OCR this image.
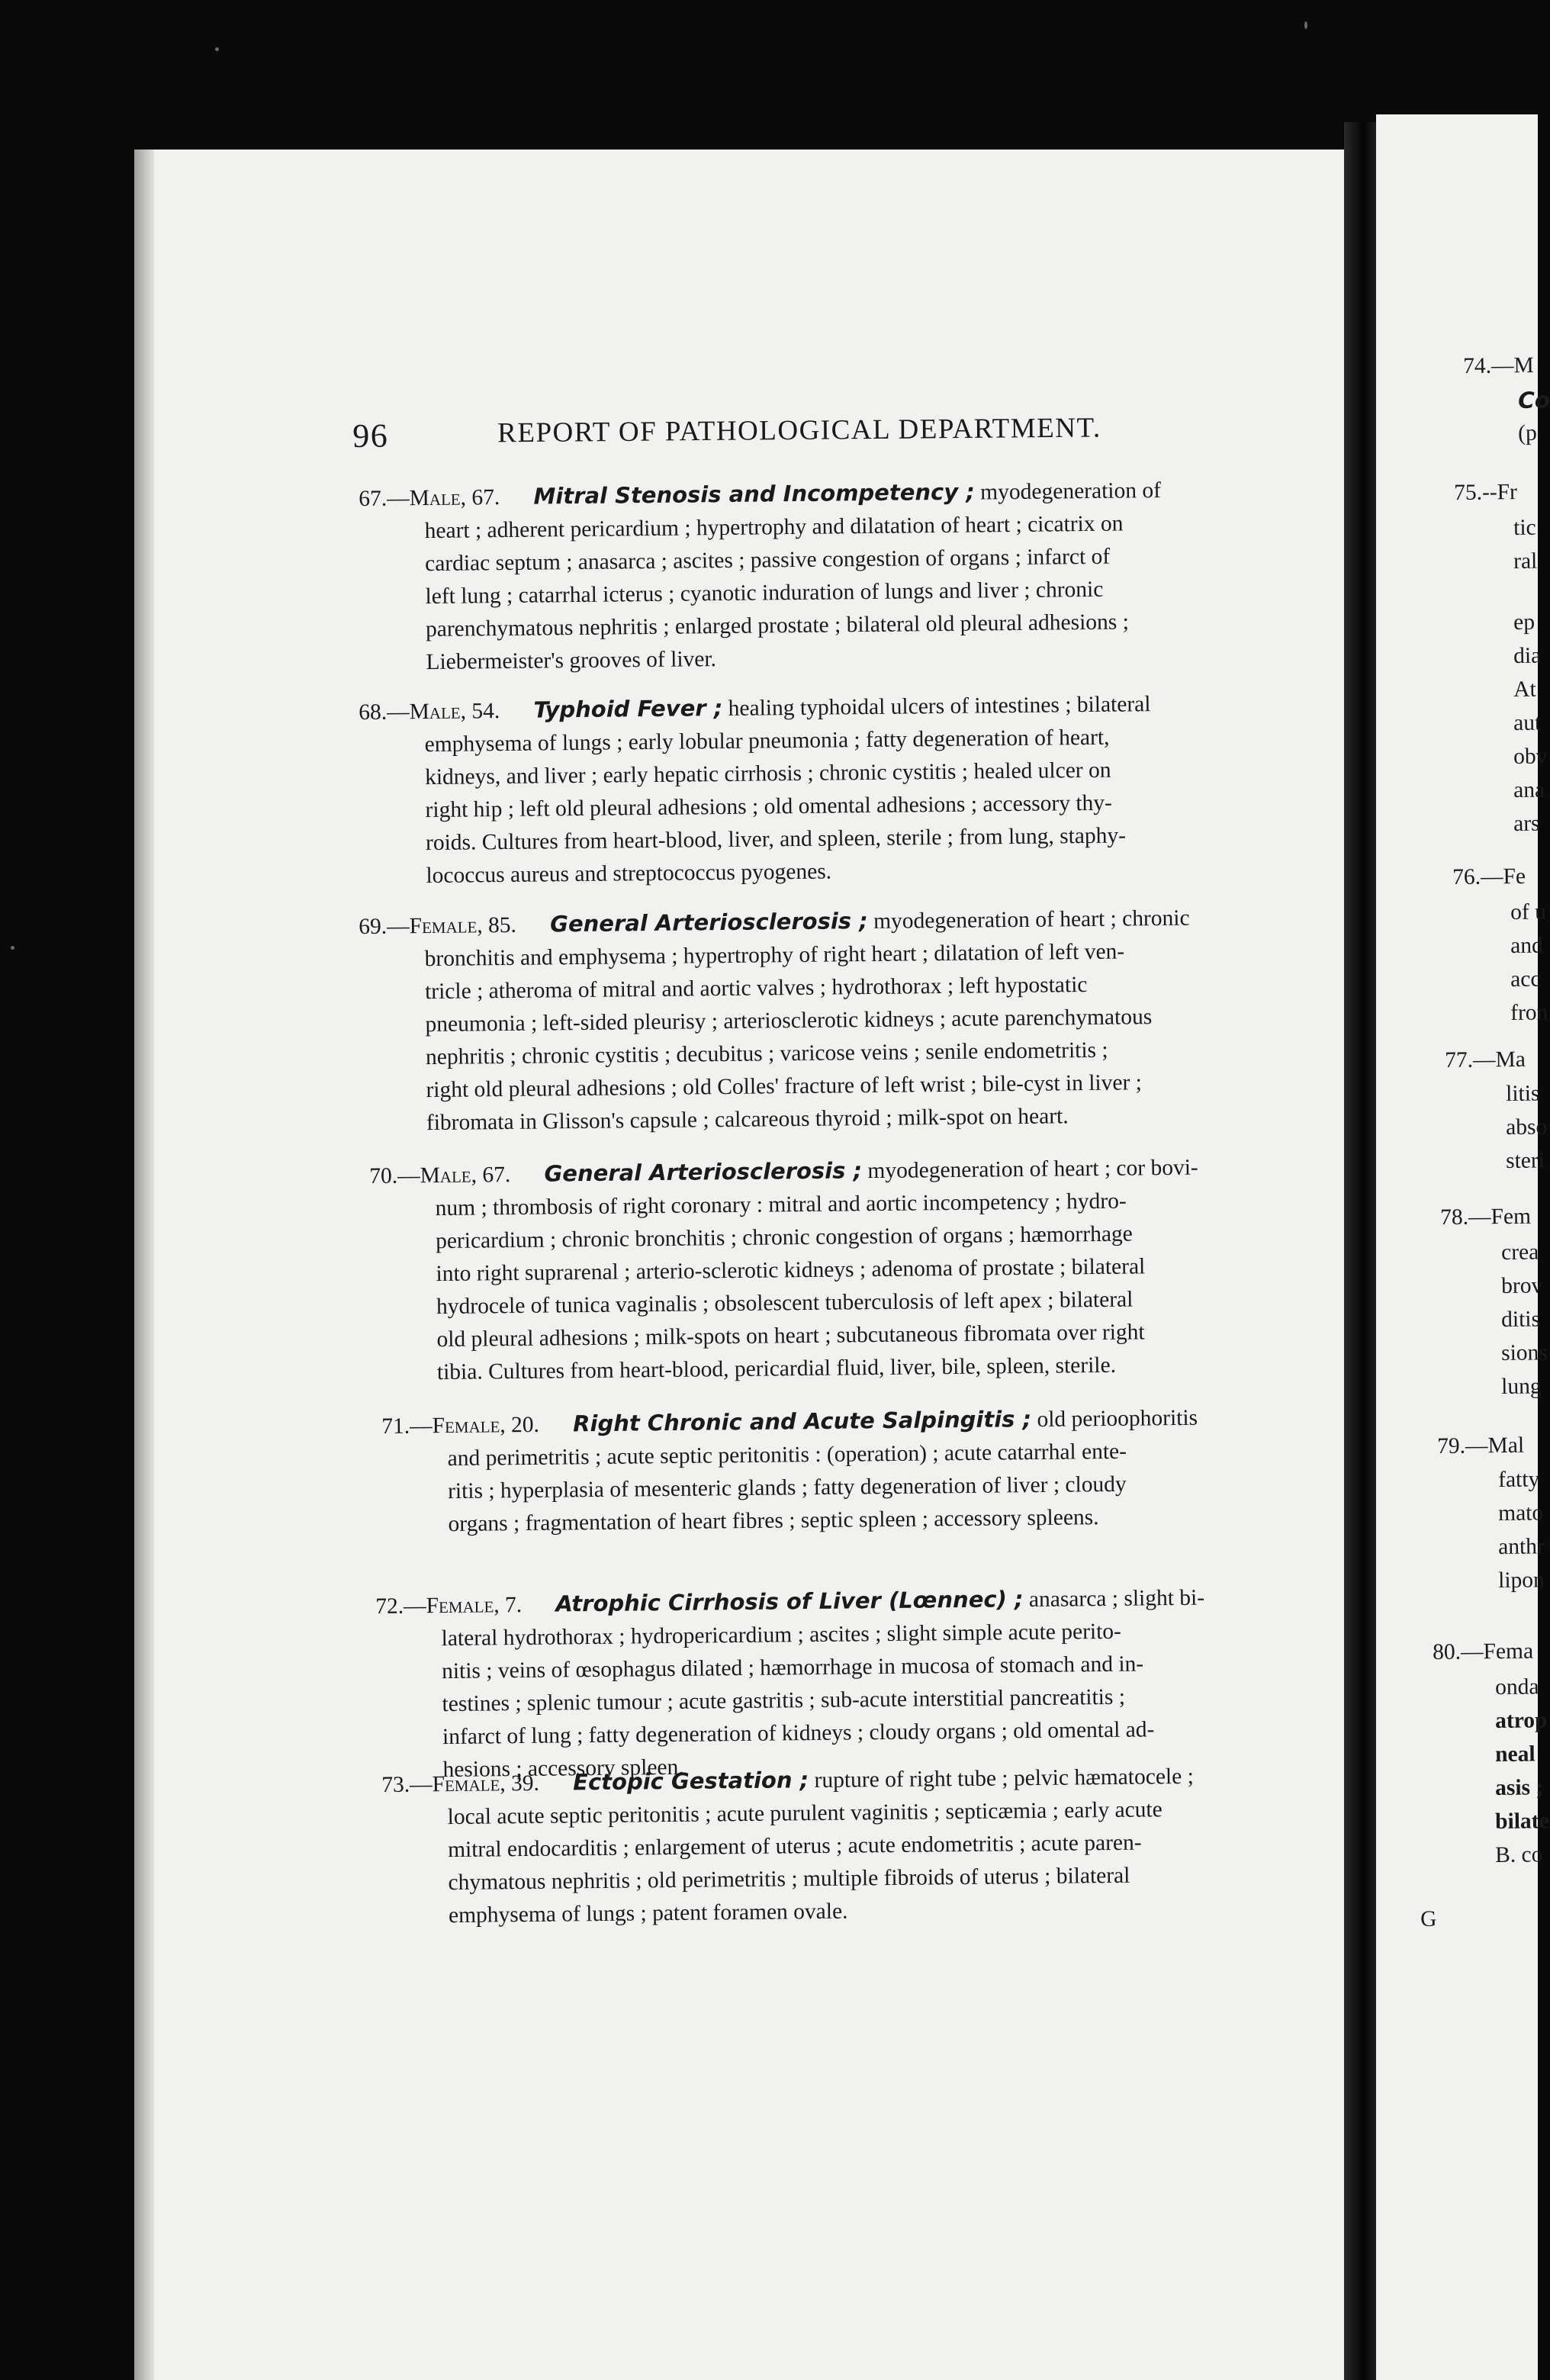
96	REPORT OF PATHOLOGICAL DEPARTMENT.
67.—Male, 67.   Mitral Stenosis and Incompetency ; myodegeneration of
heart ; adherent pericardium ; hypertrophy and dilatation of heart ; cicatrix on
cardiac septum ; anasarca ; ascites ; passive congestion of organs ; infarct of
left lung ; catarrhal icterus ; cyanotic induration of lungs and liver ; chronic
parenchymatous nephritis ; enlarged prostate ; bilateral old pleural adhesions ;
Liebermeister's grooves of liver.
68.—Male, 54.   Typhoid Fever ; healing typhoidal ulcers of intestines ; bilateral
emphysema of lungs ; early lobular pneumonia ; fatty degeneration of heart,
kidneys, and liver ; early hepatic cirrhosis ; chronic cystitis ; healed ulcer on
right hip ; left old pleural adhesions ; old omental adhesions ; accessory thy-
roids. Cultures from heart-blood, liver, and spleen, sterile ; from lung, staphy-
lococcus aureus and streptococcus pyogenes.
69.—Female, 85.   General Arteriosclerosis ; myodegeneration of heart ; chronic
bronchitis and emphysema ; hypertrophy of right heart ; dilatation of left ven-
tricle ; atheroma of mitral and aortic valves ; hydrothorax ; left hypostatic
pneumonia ; left-sided pleurisy ; arteriosclerotic kidneys ; acute parenchymatous
nephritis ; chronic cystitis ; decubitus ; varicose veins ; senile endometritis ;
right old pleural adhesions ; old Colles' fracture of left wrist ; bile-cyst in liver ;
fibromata in Glisson's capsule ; calcareous thyroid ; milk-spot on heart.
70.—Male, 67.   General Arteriosclerosis ; myodegeneration of heart ; cor bovi-
num ; thrombosis of right coronary : mitral and aortic incompetency ; hydro-
pericardium ; chronic bronchitis ; chronic congestion of organs ; hæmorrhage
into right suprarenal ; arterio-sclerotic kidneys ; adenoma of prostate ; bilateral
hydrocele of tunica vaginalis ; obsolescent tuberculosis of left apex ; bilateral
old pleural adhesions ; milk-spots on heart ; subcutaneous fibromata over right
tibia. Cultures from heart-blood, pericardial fluid, liver, bile, spleen, sterile.
71.—Female, 20.   Right Chronic and Acute Salpingitis ; old perioophoritis
and perimetritis ; acute septic peritonitis : (operation) ; acute catarrhal ente-
ritis ; hyperplasia of mesenteric glands ; fatty degeneration of liver ; cloudy
organs ; fragmentation of heart fibres ; septic spleen ; accessory spleens.
72.—Female, 7.   Atrophic Cirrhosis of Liver (Lœnnec) ; anasarca ; slight bi-
lateral hydrothorax ; hydropericardium ; ascites ; slight simple acute perito-
nitis ; veins of œsophagus dilated ; hæmorrhage in mucosa of stomach and in-
testines ; splenic tumour ; acute gastritis ; sub-acute interstitial pancreatitis ;
infarct of lung ; fatty degeneration of kidneys ; cloudy organs ; old omental ad-
hesions ; accessory spleen.
73.—Female, 39.   Ectopic Gestation ; rupture of right tube ; pelvic hæmatocele ;
local acute septic peritonitis ; acute purulent vaginitis ; septicæmia ; early acute
mitral endocarditis ; enlargement of uterus ; acute endometritis ; acute paren-
chymatous nephritis ; old perimetritis ; multiple fibroids of uterus ; bilateral
emphysema of lungs ; patent foramen ovale.
74.—M
Co
(p
75.--Fr
tic
ral
ep
dia
At
aut
obv
ana
ars
76.—Fe
of u
and
acc
fron
77.—Ma
litis
abso
steri
78.—Fem
crea
brov
ditis
sions
lung
79.—Mal
fatty
mato
anthr
lipon
80.—Fema
onda
atrop
neal
asis ;
bilate
B. co
G
